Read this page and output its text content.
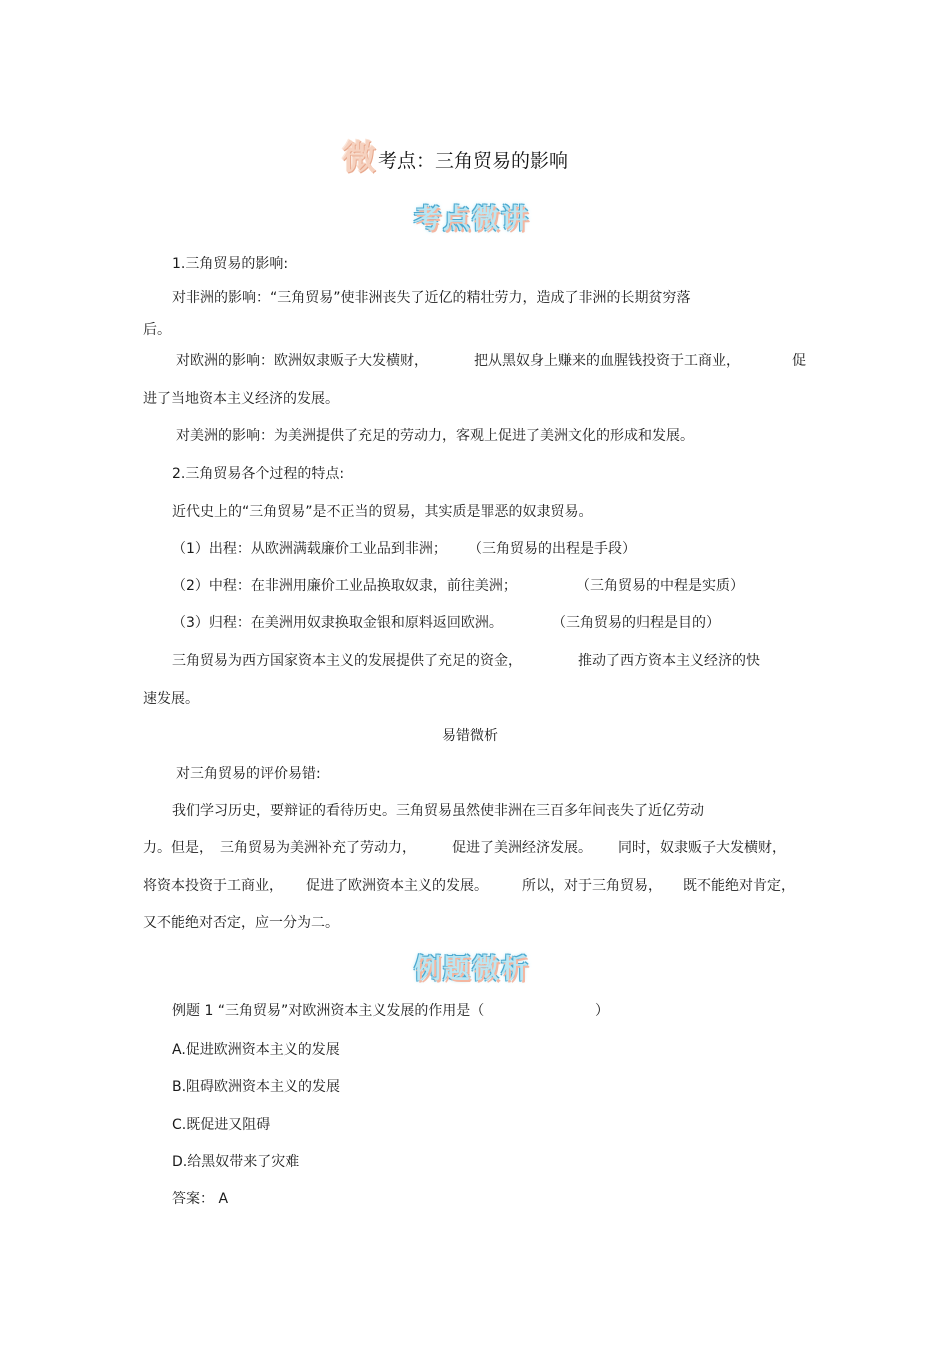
微 考点：三角贸易的影响
考点微讲
1.三角贸易的影响:
对非洲的影响：“三角贸易”使非洲丧失了近亿的精壮劳力，造成了非洲的长期贫穷落
后。
对欧洲的影响：欧洲奴隶贩子大发横财，	把从黑奴身上赚来的血腥钱投资于工商业，	促
进了当地资本主义经济的发展。
对美洲的影响：为美洲提供了充足的劳动力，客观上促进了美洲文化的形成和发展。
2.三角贸易各个过程的特点:
近代史上的“三角贸易”是不正当的贸易，其实质是罪恶的奴隶贸易。
（1）出程：从欧洲满载廉价工业品到非洲； （三角贸易的出程是手段）
（2）中程：在非洲用廉价工业品换取奴隶，前往美洲；	（三角贸易的中程是实质）
（3）归程：在美洲用奴隶换取金银和原料返回欧洲。	（三角贸易的归程是目的）
三角贸易为西方国家资本主义的发展提供了充足的资金，	推动了西方资本主义经济的快
速发展。
易错微析
对三角贸易的评价易错:
我们学习历史，要辩证的看待历史。三角贸易虽然使非洲在三百多年间丧失了近亿劳动
力。但是， 三角贸易为美洲补充了劳动力，	促进了美洲经济发展。 同时，奴隶贩子大发横财，
将资本投资于工商业， 促进了欧洲资本主义的发展。 所以，对于三角贸易， 既不能绝对肯定，
又不能绝对否定，应一分为二。
例题微析
例题 1 “三角贸易”对欧洲资本主义发展的作用是（	）
A.促进欧洲资本主义的发展
B.阻碍欧洲资本主义的发展
C.既促进又阻碍
D.给黑奴带来了灾难
答案： A
